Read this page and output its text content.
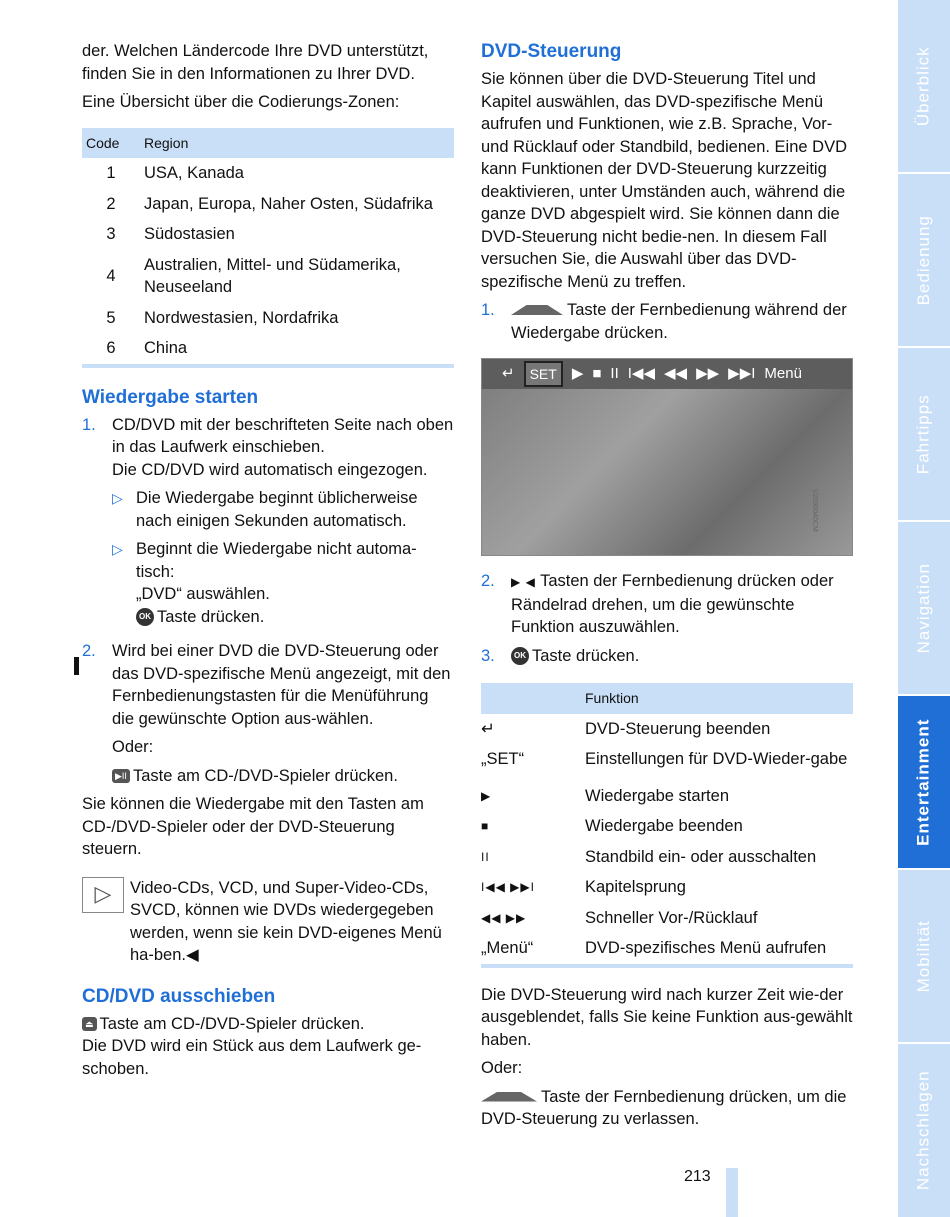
der. Welchen Ländercode Ihre DVD unterstützt, finden Sie in den Informationen zu Ihrer DVD.

Eine Übersicht über die Codierungs-Zonen:

Code	Region
1	USA, Kanada
2	Japan, Europa, Naher Osten, Südafrika
3	Südostasien
4	Australien, Mittel- und Südamerika, Neuseeland
5	Nordwestasien, Nordafrika
6	China
Wiedergabe starten
1. CD/DVD mit der beschrifteten Seite nach oben in das Laufwerk einschieben.
Die CD/DVD wird automatisch eingezogen.
▷ Die Wiedergabe beginnt üblicherweise nach einigen Sekunden automatisch.
▷ Beginnt die Wiedergabe nicht automa-tisch:
„DVD“ auswählen.
OK Taste drücken.
2. Wird bei einer DVD die DVD-Steuerung oder das DVD-spezifische Menü angezeigt, mit den Fernbedienungstasten für die Menüführung die gewünschte Option aus-wählen.
Oder:
▶II Taste am CD-/DVD-Spieler drücken.

Sie können die Wiedergabe mit den Tasten am CD-/DVD-Spieler oder der DVD-Steuerung steuern.

▷	Video-CDs, VCD, und Super-Video-CDs, SVCD, können wie DVDs wiedergegeben werden, wenn sie kein DVD-eigenes Menü ha-ben.◀
CD/DVD ausschieben
⏏ Taste am CD-/DVD-Spieler drücken.
Die DVD wird ein Stück aus dem Laufwerk ge-schoben.
DVD-Steuerung

Sie können über die DVD-Steuerung Titel und Kapitel auswählen, das DVD-spezifische Menü aufrufen und Funktionen, wie z.B. Sprache, Vor- und Rücklauf oder Standbild, bedienen. Eine DVD kann Funktionen der DVD-Steuerung kurzzeitig deaktivieren, unter Umständen auch, während die ganze DVD abgespielt wird. Sie können dann die DVD-Steuerung nicht bedie-nen. In diesem Fall versuchen Sie, die Auswahl über das DVD-spezifische Menü zu treffen.

1.	Taste der Fernbedienung während der Wiedergabe drücken.
↵	SET	▶ ■ II I◀◀ ◀◀ ▶▶ ▶▶I Menü
V2090040CM
2.	▶ ◀ Tasten der Fernbedienung drücken oder Rändelrad drehen, um die gewünschte Funktion auszuwählen.
3.	OK Taste drücken.
	Funktion
↵	DVD-Steuerung beenden
„SET“	Einstellungen für DVD-Wieder-gabe
▶	Wiedergabe starten
■	Wiedergabe beenden
II	Standbild ein- oder ausschalten
I◀◀ ▶▶I	Kapitelsprung
◀◀ ▶▶	Schneller Vor-/Rücklauf
„Menü“	DVD-spezifisches Menü aufrufen

Die DVD-Steuerung wird nach kurzer Zeit wie-der ausgeblendet, falls Sie keine Funktion aus-gewählt haben.

Oder:

Taste der Fernbedienung drücken, um die DVD-Steuerung zu verlassen.

213
Überblick
Bedienung
Fahrtipps
Navigation
Entertainment
Mobilität
Nachschlagen
